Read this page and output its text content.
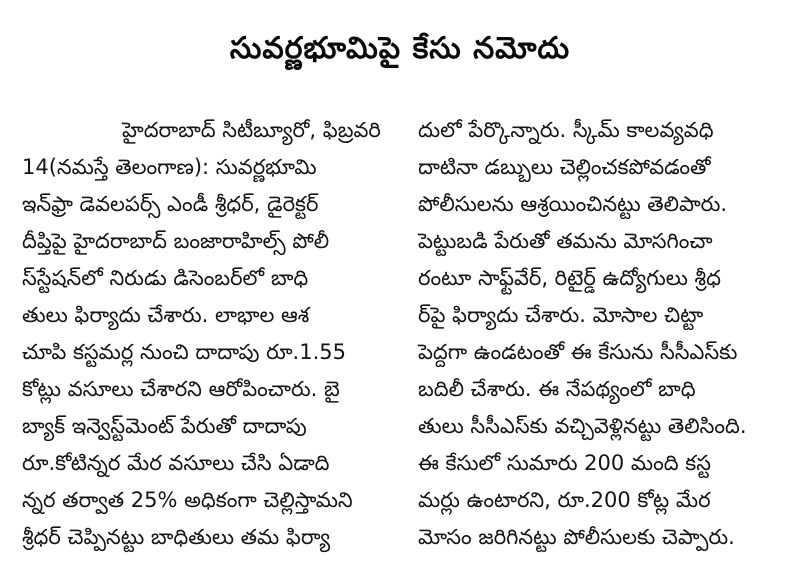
సువర్ణభూమిపై కేసు నమోదు
హైదరాబాద్ సిటీబ్యూరో, ఫిబ్రవరి
14(నమస్తే తెలంగాణ): సువర్ణభూమి
ఇన్‌ఫ్రా డెవలపర్స్ ఎండీ శ్రీధర్, డైరెక్టర్
దీప్తిపై హైదరాబాద్ బంజారాహిల్స్ పోలీ
స్‌స్టేషన్‌లో నిరుడు డిసెంబర్‌లో బాధి
తులు ఫిర్యాదు చేశారు. లాభాల ఆశ
చూపి కస్టమర్ల నుంచి దాదాపు రూ.1.55
కోట్లు వసూలు చేశారని ఆరోపించారు. బై
బ్యాక్ ఇన్వెస్ట్‌మెంట్ పేరుతో దాదాపు
రూ.కోటిన్నర మేర వసూలు చేసి ఏడాది
న్నర తర్వాత 25% అధికంగా చెల్లిస్తామని
శ్రీధర్ చెప్పినట్టు బాధితులు తమ ఫిర్యా
దులో పేర్కొన్నారు. స్కీమ్ కాలవ్యవధి
దాటినా డబ్బులు చెల్లించకపోవడంతో
పోలీసులను ఆశ్రయించినట్టు తెలిపారు.
పెట్టుబడి పేరుతో తమను మోసగించా
రంటూ సాఫ్ట్‌వేర్, రిటైర్డ్ ఉద్యోగులు శ్రీధ
ర్‌పై ఫిర్యాదు చేశారు. మోసాల చిట్టా
పెద్దగా ఉండటంతో ఈ కేసును సీసీఎస్‌కు
బదిలీ చేశారు. ఈ నేపథ్యంలో బాధి
తులు సీసీఎస్‌కు వచ్చివెళ్లినట్టు తెలిసింది.
ఈ కేసులో సుమారు 200 మంది కస్ట
మర్లు ఉంటారని, రూ.200 కోట్ల మేర
మోసం జరిగినట్టు పోలీసులకు చెప్పారు.
